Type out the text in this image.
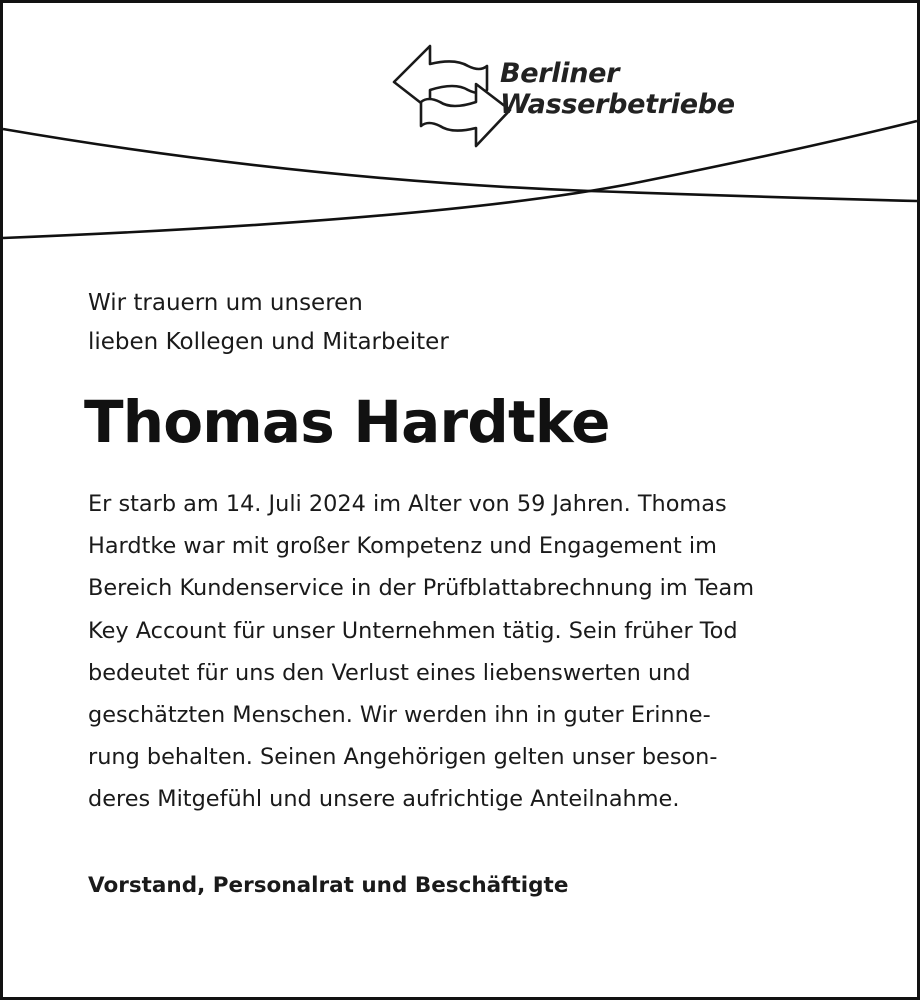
Berliner
Wasserbetriebe
Wir trauern um unseren
lieben Kollegen und Mitarbeiter
Thomas Hardtke
Er starb am 14. Juli 2024 im Alter von 59 Jahren. Thomas
Hardtke war mit großer Kompetenz und Engagement im
Bereich Kundenservice in der Prüfblattabrechnung im Team
Key Account für unser Unternehmen tätig. Sein früher Tod
bedeutet für uns den Verlust eines liebenswerten und
geschätzten Menschen. Wir werden ihn in guter Erinne-
rung behalten. Seinen Angehörigen gelten unser beson-
deres Mitgefühl und unsere aufrichtige Anteilnahme.
Vorstand, Personalrat und Beschäftigte
